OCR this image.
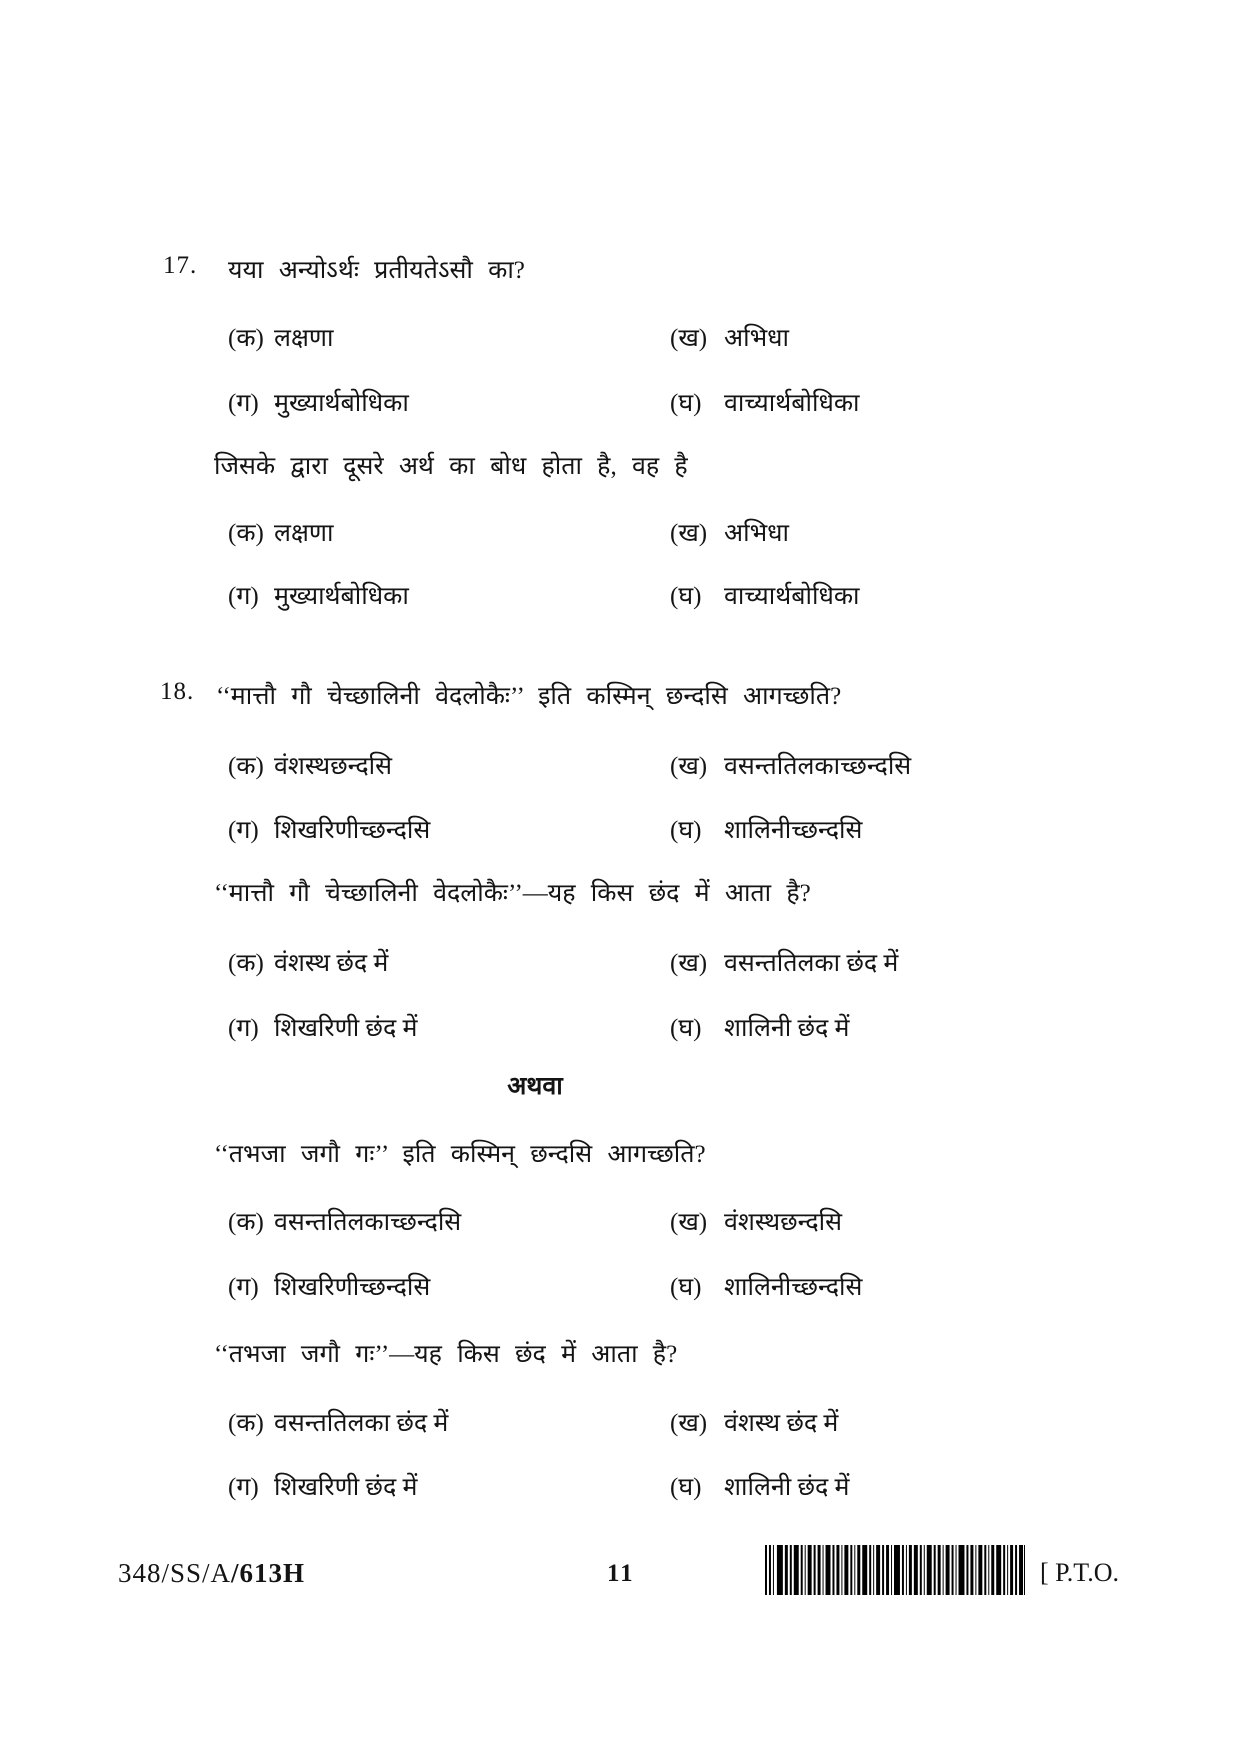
17. यया अन्योऽर्थः प्रतीयतेऽसौ का?
(क) लक्षणा	(ख) अभिधा
(ग) मुख्यार्थबोधिका	(घ) वाच्यार्थबोधिका
जिसके द्वारा दूसरे अर्थ का बोध होता है, वह है
(क) लक्षणा	(ख) अभिधा
(ग) मुख्यार्थबोधिका	(घ) वाच्यार्थबोधिका
18. ‘‘मात्तौ गौ चेच्छालिनी वेदलोकैः’’ इति कस्मिन् छन्दसि आगच्छति?
(क) वंशस्थछन्दसि	(ख) वसन्ततिलकाच्छन्दसि
(ग) शिखरिणीच्छन्दसि	(घ) शालिनीच्छन्दसि
‘‘मात्तौ गौ चेच्छालिनी वेदलोकैः’’—यह किस छंद में आता है?
(क) वंशस्थ छंद में	(ख) वसन्ततिलका छंद में
(ग) शिखरिणी छंद में	(घ) शालिनी छंद में
अथवा
‘‘तभजा जगौ गः’’ इति कस्मिन् छन्दसि आगच्छति?
(क) वसन्ततिलकाच्छन्दसि	(ख) वंशस्थछन्दसि
(ग) शिखरिणीच्छन्दसि	(घ) शालिनीच्छन्दसि
‘‘तभजा जगौ गः’’—यह किस छंद में आता है?
(क) वसन्ततिलका छंद में	(ख) वंशस्थ छंद में
(ग) शिखरिणी छंद में	(घ) शालिनी छंद में
348/SS/A/613H	11	[ P.T.O.
